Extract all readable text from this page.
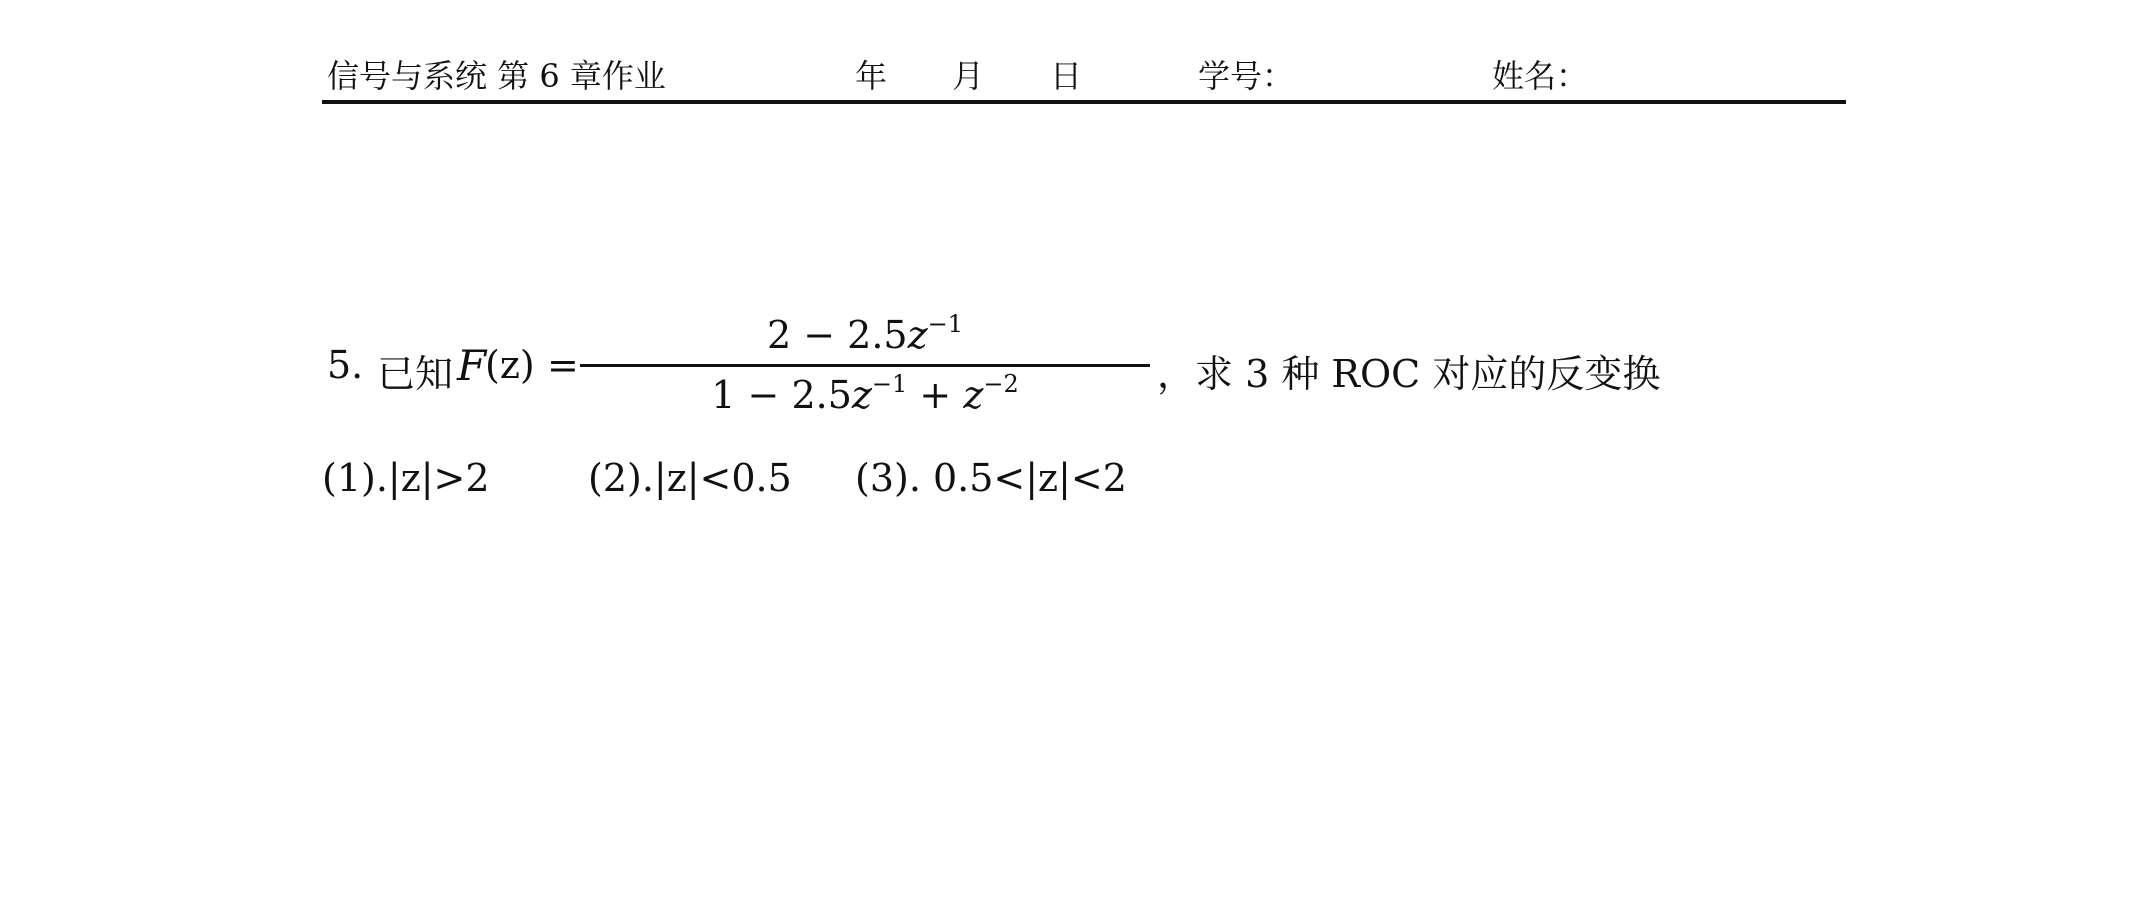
信号与系统 第 6 章作业	年 月 日	学号：	姓名：
5. 已知 F
(z) =
$2 - 2.5z^{-1}$
$1 - 2.5z^{-1} + z^{-2}$	，求 3 种 ROC 对应的反变换
(1).|z|>2	(2).|z|<0.5 (3). 0.5<|z|<2
